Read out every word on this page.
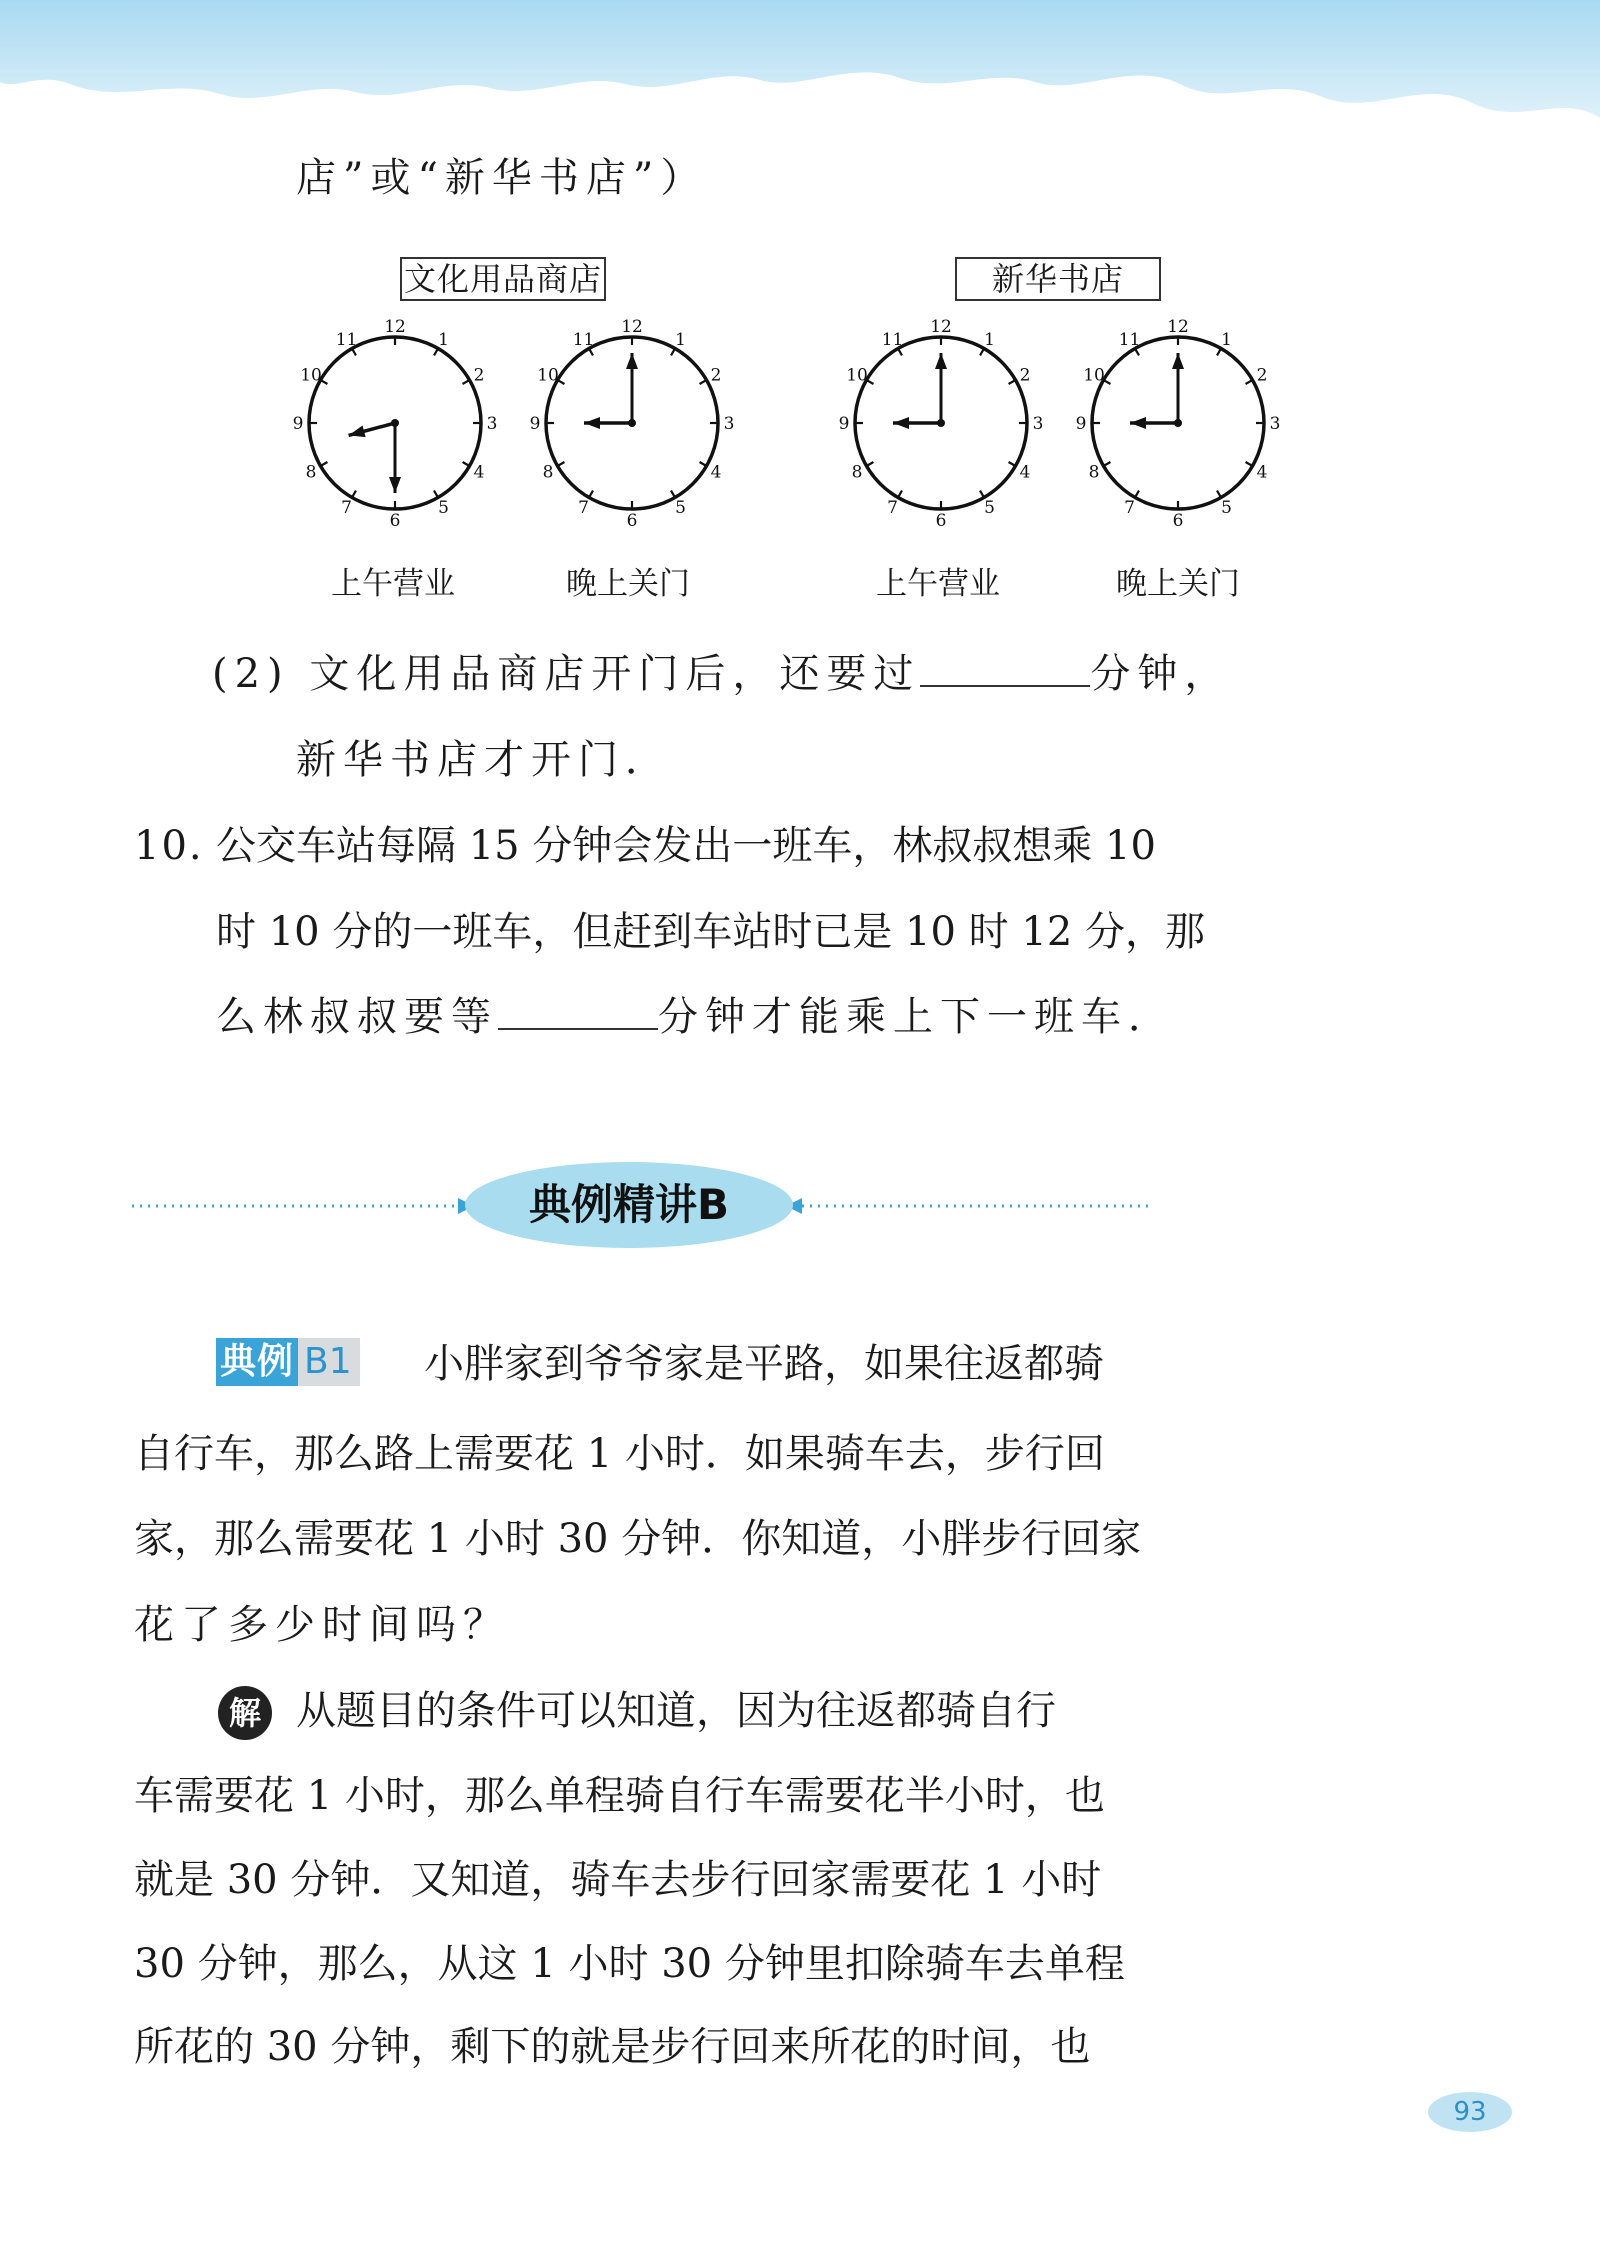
店”或“新华书店”）
文化用品商店
12
1
2
3
4
5
6
7
8
9
10
11
12
1
2
3
4
5
6
7
8
9
10
11
上午营业	晚上关门
新华书店
12
1
2
3
4
5
6
7
8
9
10
11
12
1
2
3
4
5
6
7
8
9
10
11
上午营业	晚上关门
(2) 文化用品商店开门后，还要过	分钟，
新华书店才开门．
10. 公交车站每隔 15 分钟会发出一班车，林叔叔想乘 10
时 10 分的一班车，但赶到车站时已是 10 时 12 分，那
么林叔叔要等	分钟才能乘上下一班车．
典例精讲B
典例 B1 小胖家到爷爷家是平路，如果往返都骑
自行车，那么路上需要花 1 小时．如果骑车去，步行回
家，那么需要花 1 小时 30 分钟．你知道，小胖步行回家
花了多少时间吗？
解 从题目的条件可以知道，因为往返都骑自行
车需要花 1 小时，那么单程骑自行车需要花半小时，也
就是 30 分钟．又知道，骑车去步行回家需要花 1 小时
30 分钟，那么，从这 1 小时 30 分钟里扣除骑车去单程
所花的 30 分钟，剩下的就是步行回来所花的时间，也
93
